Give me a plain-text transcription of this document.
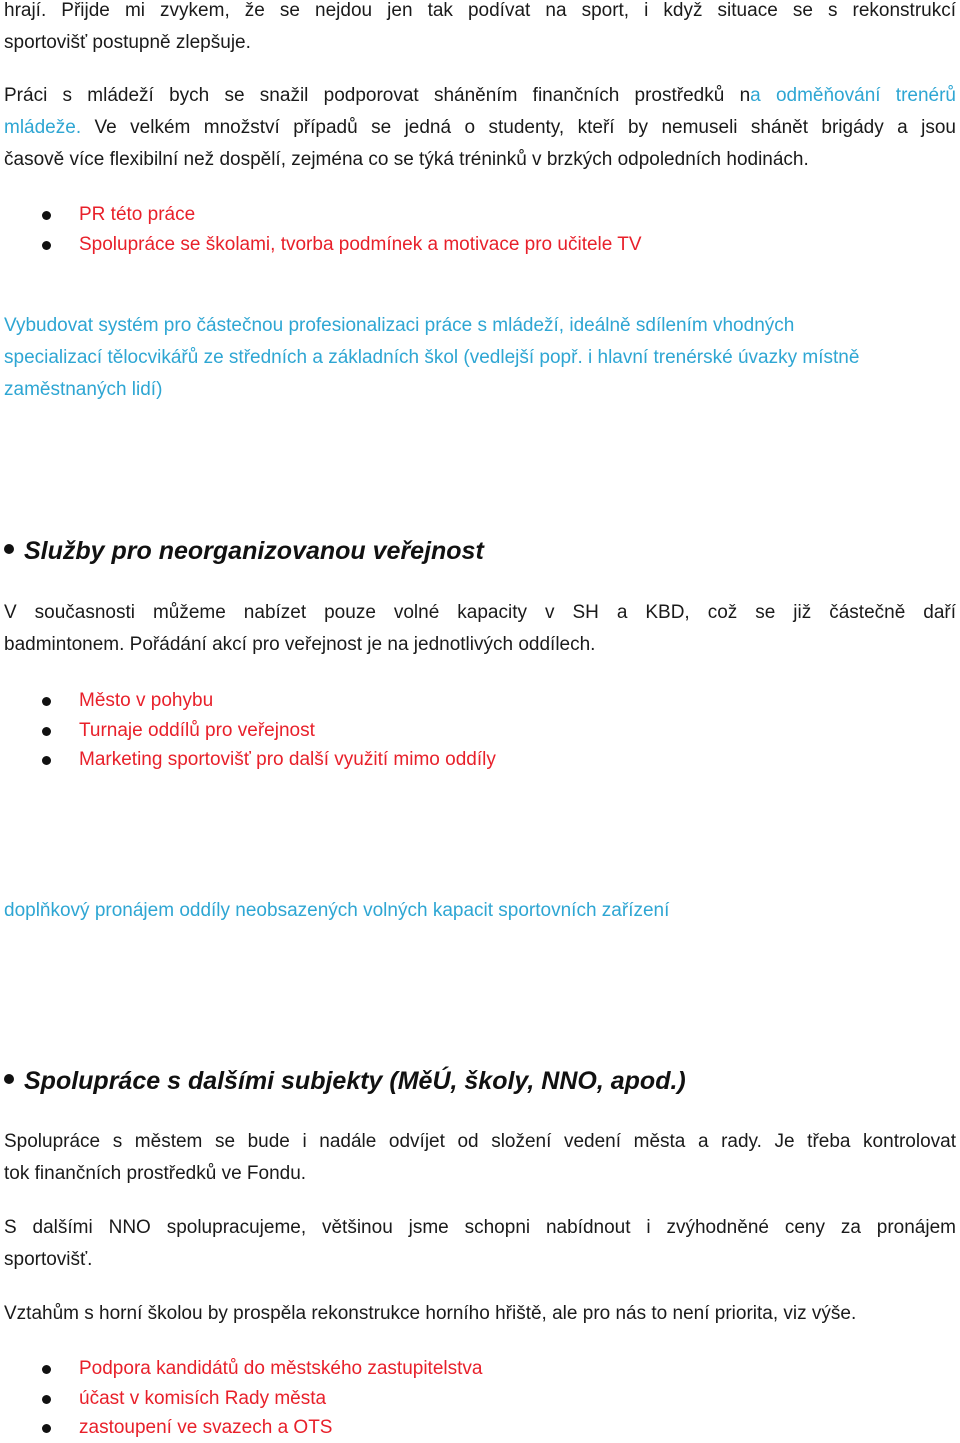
hrají. Přijde mi zvykem, že se nejdou jen tak podívat na sport, i když situace se s rekonstrukcí
sportovišť postupně zlepšuje.

Práci s mládeží bych se snažil podporovat sháněním finančních prostředků na odměňování trenérů
mládeže. Ve velkém množství případů se jedná o studenty, kteří by nemuseli shánět brigády a jsou

časově více flexibilní než dospělí, zejména co se týká tréninků v brzkých odpoledních hodinách.

PR této práce
Spolupráce se školami, tvorba podmínek a motivace pro učitele TV

Vybudovat systém pro částečnou profesionalizaci práce s mládeží, ideálně sdílením vhodných
specializací tělocvikářů ze středních a základních škol (vedlejší popř. i hlavní trenérské úvazky místně
zaměstnaných lidí)

Služby pro neorganizovanou veřejnost

V současnosti můžeme nabízet pouze volné kapacity v SH a KBD, což se již částečně daří
badmintonem. Pořádání akcí pro veřejnost je na jednotlivých oddílech.

Město v pohybu
Turnaje oddílů pro veřejnost
Marketing sportovišť pro další využití mimo oddíly

doplňkový pronájem oddíly neobsazených volných kapacit sportovních zařízení

Spolupráce s dalšími subjekty (MěÚ, školy, NNO, apod.)

Spolupráce s městem se bude i nadále odvíjet od složení vedení města a rady. Je třeba kontrolovat
tok finančních prostředků ve Fondu.

S dalšími NNO spolupracujeme, většinou jsme schopni nabídnout i zvýhodněné ceny za pronájem
sportovišť.

Vztahům s horní školou by prospěla rekonstrukce horního hřiště, ale pro nás to není priorita, viz výše.

Podpora kandidátů do městského zastupitelstva
účast v komisích Rady města
zastoupení ve svazech a OTS
